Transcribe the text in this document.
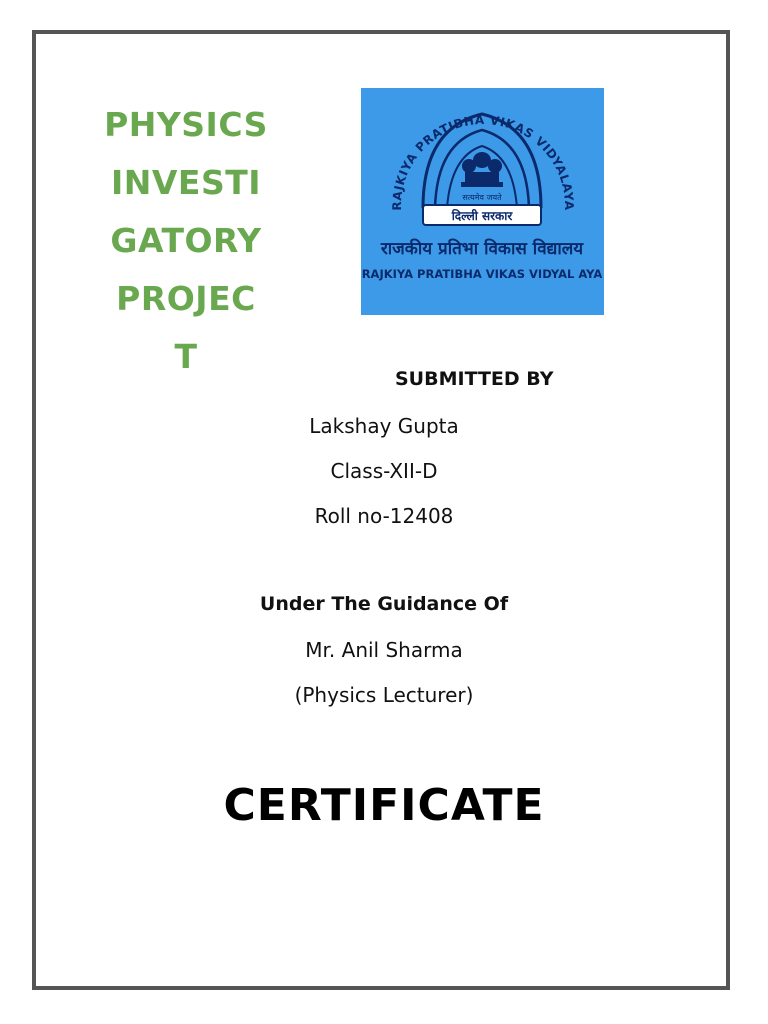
PHYSICS
INVESTI
GATORY
PROJEC
T
RAJKIYA PRATIBHA VIKAS VIDYALAYA
सत्यमेव जयते
दिल्ली सरकार
राजकीय प्रतिभा विकास विद्यालय
RAJKIYA PRATIBHA VIKAS VIDYAL AYA
SUBMITTED BY
Lakshay Gupta
Class-XII-D
Roll no-12408
Under The Guidance Of
Mr. Anil Sharma
(Physics Lecturer)
CERTIFICATE
